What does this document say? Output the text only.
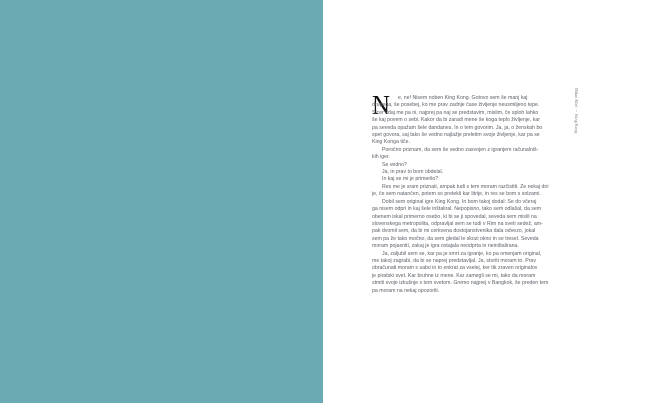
Milan Kleč~King Kong
N	e, ne! Nisem noben King Kong. Gotovo sem še manj kaj
drugega, še posebej, ko me prav zadnje čase življenje neusmiljeno tepe.
Sicer kdaj me pa ni, najprej pa naj se predstavim, mislim, če sploh lahko
še kaj povem o sebi. Kakor da bi zaradi mene še koga teplo življenje, kar
pa seveda opažam šele dandanes. In o tem govorim. Ja, ja, o ženskah bo
spet govora, saj tako še vedno najlažje preletim svoje življenje, kar pa se
King Konga tiče.
Poročno priznam, da sem še vedno zasvojen z igranjem računalniš-
kih iger.
Še vedno?
Ja, in prav to bom obdelal.
In kaj se mi je primerilo?
Res me je sram priznati, ampak tudi s tem moram razčistiti. Že nekaj dni
je, če sem natančen, potem so pretekli kar litrije, in res se bom s solzami.
Dobil sem original igre King Kong. In bom takoj dodal: Še do včeraj
ga nisem odpri in kaj šele inštaliral. Nepopisno, tako sem odlašal, da sem
obenem iskal primerno osebo, ki bi se ji spovedal, seveda sem mislil na
slovenskega metropolita, odpravljal sem se tudi v Rim na sveti sedež, am-
pak dvomil sem, da bi mi cerkvena dostojanstvenika dala odvezo, jokal
sem pa že tako močno, da sem gledal le skozi okno in se tresel. Seveda
moram pojasniti, zakaj je igra ostajala neodprta in neinštalirana.
Ja, zaljubil sem se, kar pa je smrt za igranje, ko pa omenjam original,
me takoj zagrabi, da bi se naprej predstavljal. Ja, storiti moram to. Prav
obračunati moram s sabo in to enkrat za vselej, ker tik zraven originalov
je piratski svet. Kar bruhne iz mene. Kar zamegli se mi, tako da moram
stmiti svoje izkušnje s tem svetom. Gremo najprej v Bangkok, še preden tem
pa moram na nekaj opozoriti.
